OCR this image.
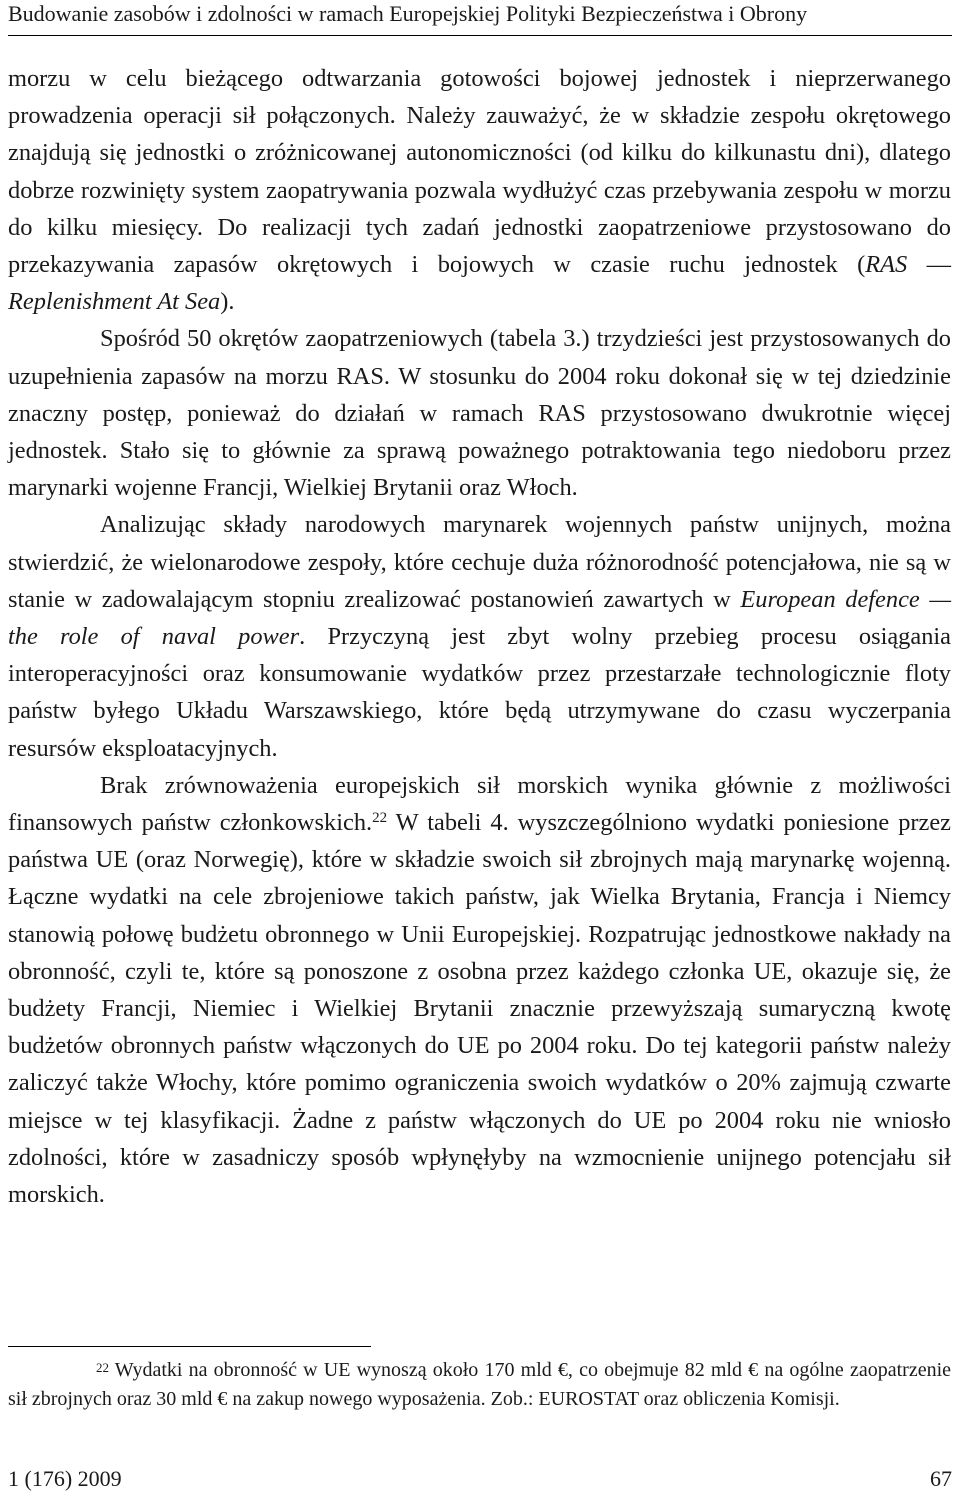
Budowanie zasobów i zdolności w ramach Europejskiej Polityki Bezpieczeństwa i Obrony

morzu w celu bieżącego odtwarzania gotowości bojowej jednostek i nieprzerwanego prowadzenia operacji sił połączonych. Należy zauważyć, że w składzie zespołu okrętowego znajdują się jednostki o zróżnicowanej autonomiczności (od kilku do kilkunastu dni), dlatego dobrze rozwinięty system zaopatrywania pozwala wydłużyć czas przebywania zespołu w morzu do kilku miesięcy. Do realizacji tych zadań jednostki zaopatrzeniowe przystosowano do przekazywania zapasów okrętowych i bojowych w czasie ruchu jednostek (RAS — Replenishment At Sea).

Spośród 50 okrętów zaopatrzeniowych (tabela 3.) trzydzieści jest przystosowanych do uzupełnienia zapasów na morzu RAS. W stosunku do 2004 roku dokonał się w tej dziedzinie znaczny postęp, ponieważ do działań w ramach RAS przystosowano dwukrotnie więcej jednostek. Stało się to głównie za sprawą poważnego potraktowania tego niedoboru przez marynarki wojenne Francji, Wielkiej Brytanii oraz Włoch.

Analizując składy narodowych marynarek wojennych państw unijnych, można stwierdzić, że wielonarodowe zespoły, które cechuje duża różnorodność potencjałowa, nie są w stanie w zadowalającym stopniu zrealizować postanowień zawartych w European defence — the role of naval power. Przyczyną jest zbyt wolny przebieg procesu osiągania interoperacyjności oraz konsumowanie wydatków przez przestarzałe technologicznie floty państw byłego Układu Warszawskiego, które będą utrzymywane do czasu wyczerpania resursów eksploatacyjnych.

Brak zrównoważenia europejskich sił morskich wynika głównie z możliwości finansowych państw członkowskich.$^{22}$ W tabeli 4. wyszczególniono wydatki poniesione przez państwa UE (oraz Norwegię), które w składzie swoich sił zbrojnych mają marynarkę wojenną. Łączne wydatki na cele zbrojeniowe takich państw, jak Wielka Brytania, Francja i Niemcy stanowią połowę budżetu obronnego w Unii Europejskiej. Rozpatrując jednostkowe nakłady na obronność, czyli te, które są ponoszone z osobna przez każdego członka UE, okazuje się, że budżety Francji, Niemiec i Wielkiej Brytanii znacznie przewyższają sumaryczną kwotę budżetów obronnych państw włączonych do UE po 2004 roku. Do tej kategorii państw należy zaliczyć także Włochy, które pomimo ograniczenia swoich wydatków o 20% zajmują czwarte miejsce w tej klasyfikacji. Żadne z państw włączonych do UE po 2004 roku nie wniosło zdolności, które w zasadniczy sposób wpłynęłyby na wzmocnienie unijnego potencjału sił morskich.

$^{22}$ Wydatki na obronność w UE wynoszą około 170 mld €, co obejmuje 82 mld € na ogólne zaopatrzenie sił zbrojnych oraz 30 mld € na zakup nowego wyposażenia. Zob.: EUROSTAT oraz obliczenia Komisji.
1 (176) 2009	67
